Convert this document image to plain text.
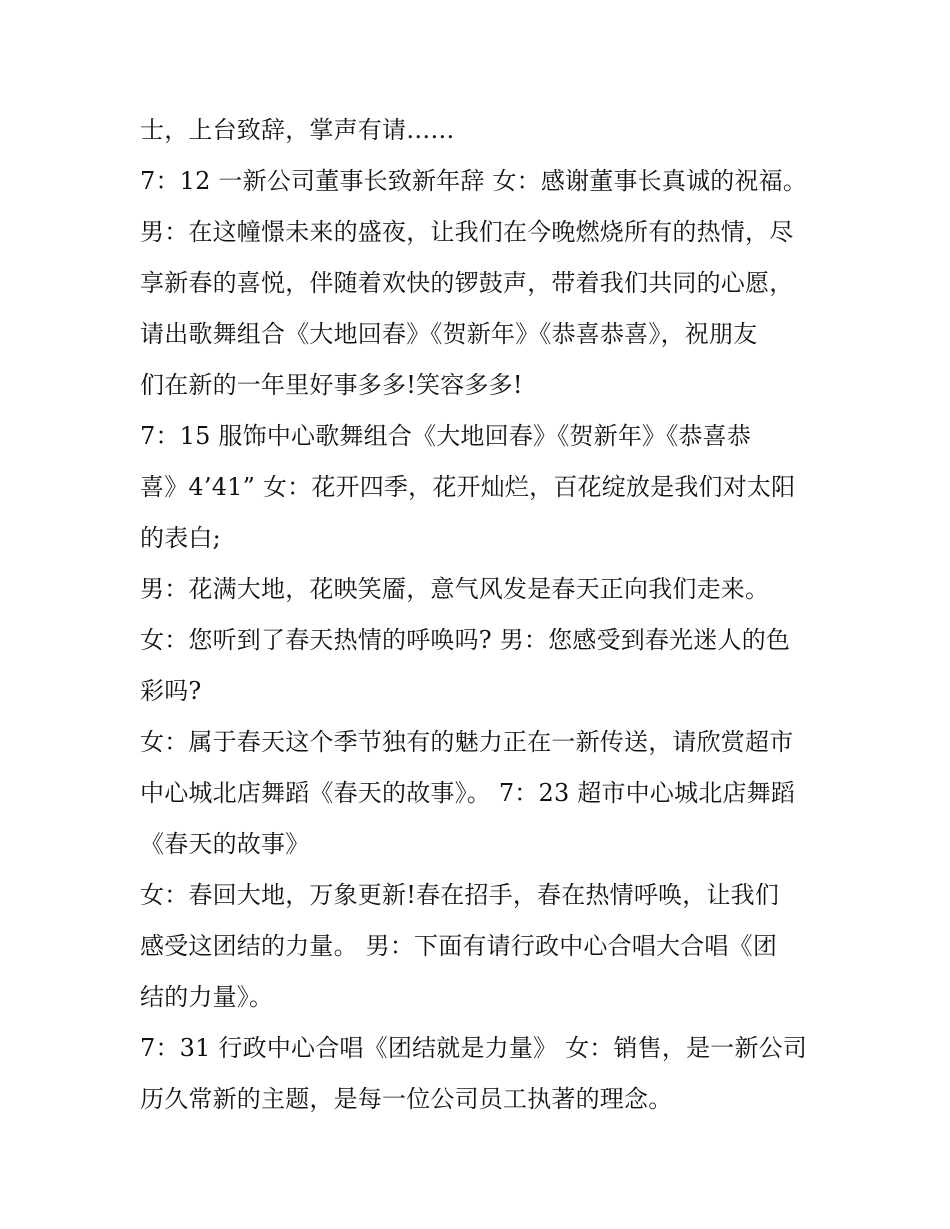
士，上台致辞，掌声有请……
7：12 一新公司董事长致新年辞 女：感谢董事长真诚的祝福。
男：在这幢憬未来的盛夜，让我们在今晚燃烧所有的热情，尽
享新春的喜悦，伴随着欢快的锣鼓声，带着我们共同的心愿，
请出歌舞组合《大地回春》《贺新年》《恭喜恭喜》，祝朋友
们在新的一年里好事多多!笑容多多!
7：15 服饰中心歌舞组合《大地回春》《贺新年》《恭喜恭
喜》4’41” 女：花开四季，花开灿烂，百花绽放是我们对太阳
的表白;
男：花满大地，花映笑靥，意气风发是春天正向我们走来。
女：您听到了春天热情的呼唤吗? 男：您感受到春光迷人的色
彩吗?
女：属于春天这个季节独有的魅力正在一新传送，请欣赏超市
中心城北店舞蹈《春天的故事》。 7：23 超市中心城北店舞蹈
《春天的故事》
女：春回大地，万象更新!春在招手，春在热情呼唤，让我们
感受这团结的力量。 男：下面有请行政中心合唱大合唱《团
结的力量》。
7：31 行政中心合唱《团结就是力量》 女：销售，是一新公司
历久常新的主题，是每一位公司员工执著的理念。
